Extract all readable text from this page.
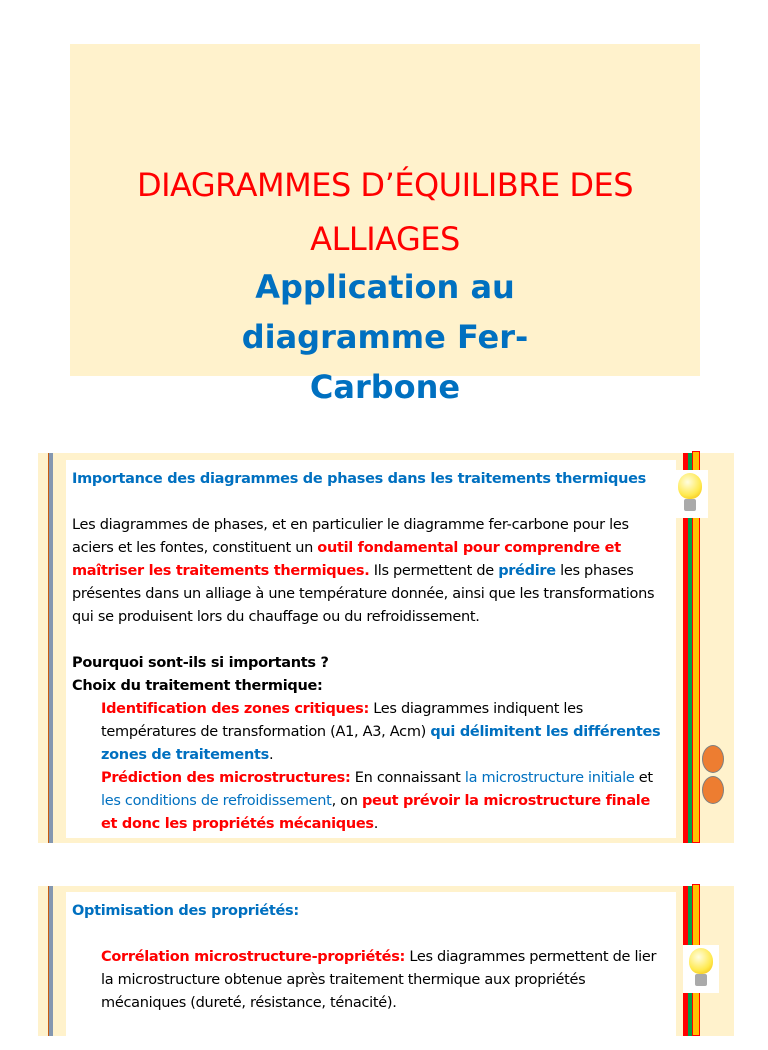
DIAGRAMMES D’ÉQUILIBRE DES ALLIAGES
Application au diagramme Fer-Carbone

Importance des diagrammes de phases dans les traitements thermiques

Les diagrammes de phases, et en particulier le diagramme fer-carbone pour les aciers et les fontes, constituent un outil fondamental pour comprendre et maîtriser les traitements thermiques. Ils permettent de prédire les phases présentes dans un alliage à une température donnée, ainsi que les transformations qui se produisent lors du chauffage ou du refroidissement.

Pourquoi sont-ils si importants ?

Choix du traitement thermique:

Identification des zones critiques: Les diagrammes indiquent les températures de transformation (A1, A3, Acm) qui délimitent les différentes zones de traitements.

Prédiction des microstructures: En connaissant la microstructure initiale et les conditions de refroidissement, on peut prévoir la microstructure finale et donc les propriétés mécaniques.

Optimisation des propriétés:

Corrélation microstructure-propriétés: Les diagrammes permettent de lier la microstructure obtenue après traitement thermique aux propriétés mécaniques (dureté, résistance, ténacité).
